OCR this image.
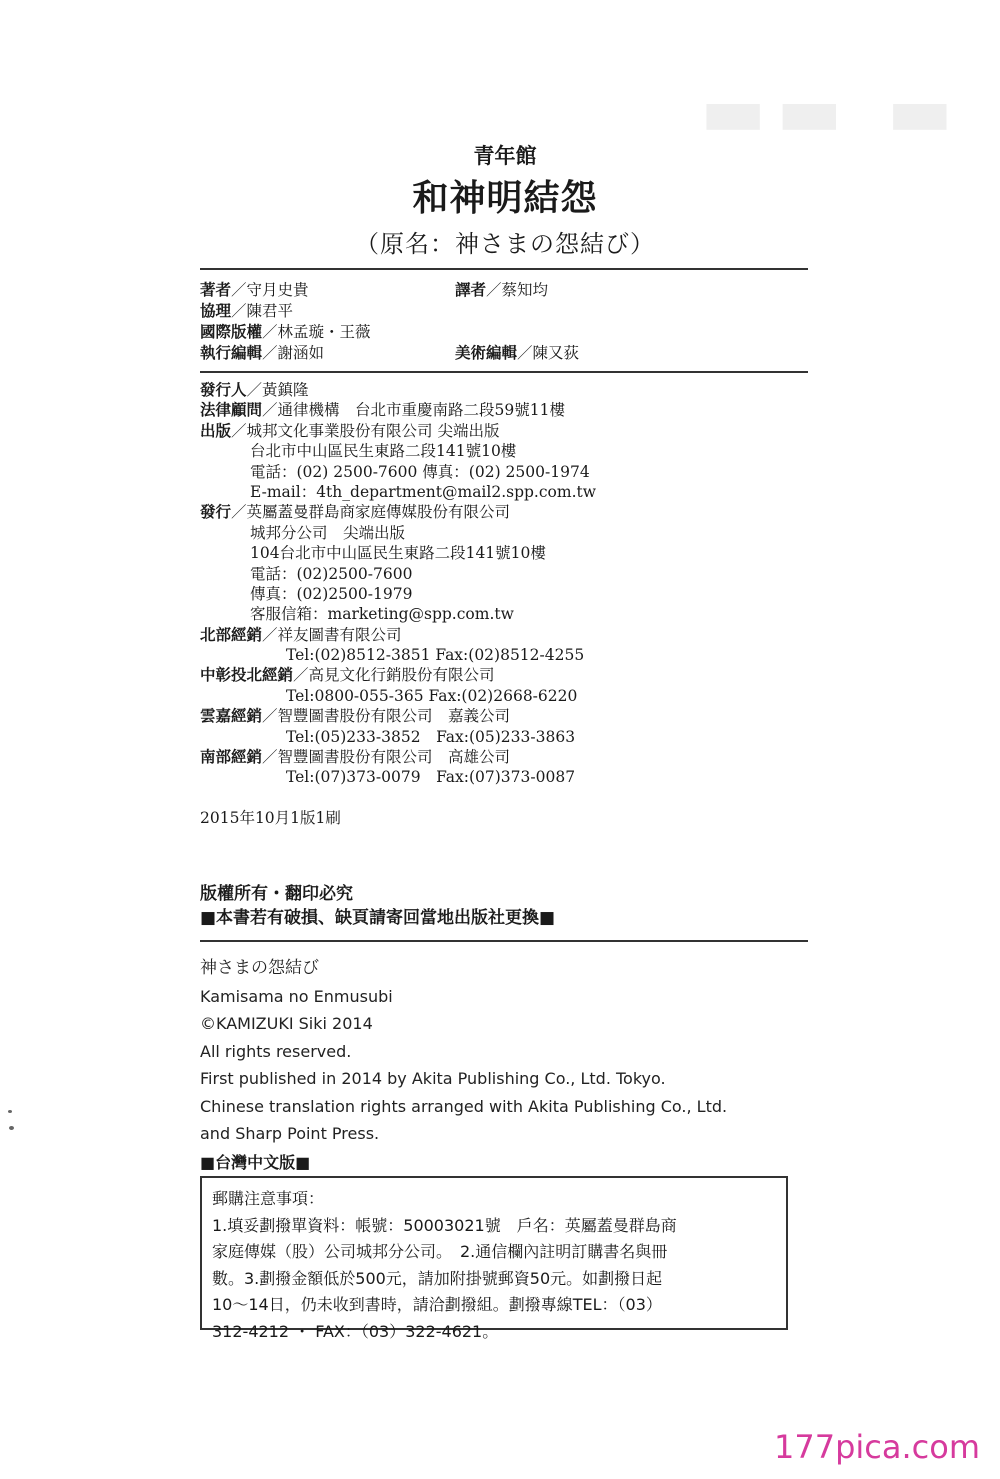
▬▬ ▬
青年館
和神明結怨
（原名：神さまの怨結び）
著者／守月史貴	譯者／蔡知均
協理／陳君平
國際版權／林孟璇・王薇
執行編輯／謝涵如	美術編輯／陳又荻
發行人／黃鎮隆
法律顧問／通律機構　台北市重慶南路二段59號11樓
出版／城邦文化事業股份有限公司 尖端出版
台北市中山區民生東路二段141號10樓
電話：(02) 2500-7600 傳真：(02) 2500-1974
E-mail：4th_department@mail2.spp.com.tw
發行／英屬蓋曼群島商家庭傳媒股份有限公司
城邦分公司　尖端出版
104台北市中山區民生東路二段141號10樓
電話：(02)2500-7600
傳真：(02)2500-1979
客服信箱：marketing@spp.com.tw
北部經銷／祥友圖書有限公司
Tel:(02)8512-3851 Fax:(02)8512-4255
中彰投北經銷／高見文化行銷股份有限公司
Tel:0800-055-365 Fax:(02)2668-6220
雲嘉經銷／智豐圖書股份有限公司　嘉義公司
Tel:(05)233-3852　Fax:(05)233-3863
南部經銷／智豐圖書股份有限公司　高雄公司
Tel:(07)373-0079　Fax:(07)373-0087
2015年10月1版1刷
版權所有・翻印必究
■本書若有破損、缺頁請寄回當地出版社更換■
神さまの怨結び
Kamisama no Enmusubi
©KAMIZUKI Siki 2014
All rights reserved.
First published in 2014 by Akita Publishing Co., Ltd. Tokyo.
Chinese translation rights arranged with Akita Publishing Co., Ltd.
and Sharp Point Press.
■台灣中文版■
郵購注意事項：
1.填妥劃撥單資料：帳號：50003021號　戶名：英屬蓋曼群島商
家庭傳媒（股）公司城邦分公司。　2.通信欄內註明訂購書名與冊
數。3.劃撥金額低於500元，請加附掛號郵資50元。如劃撥日起
10～14日，仍未收到書時，請洽劃撥組。劃撥專線TEL：（03）
312-4212 ・ FAX：（03）322-4621。
177pica.com
